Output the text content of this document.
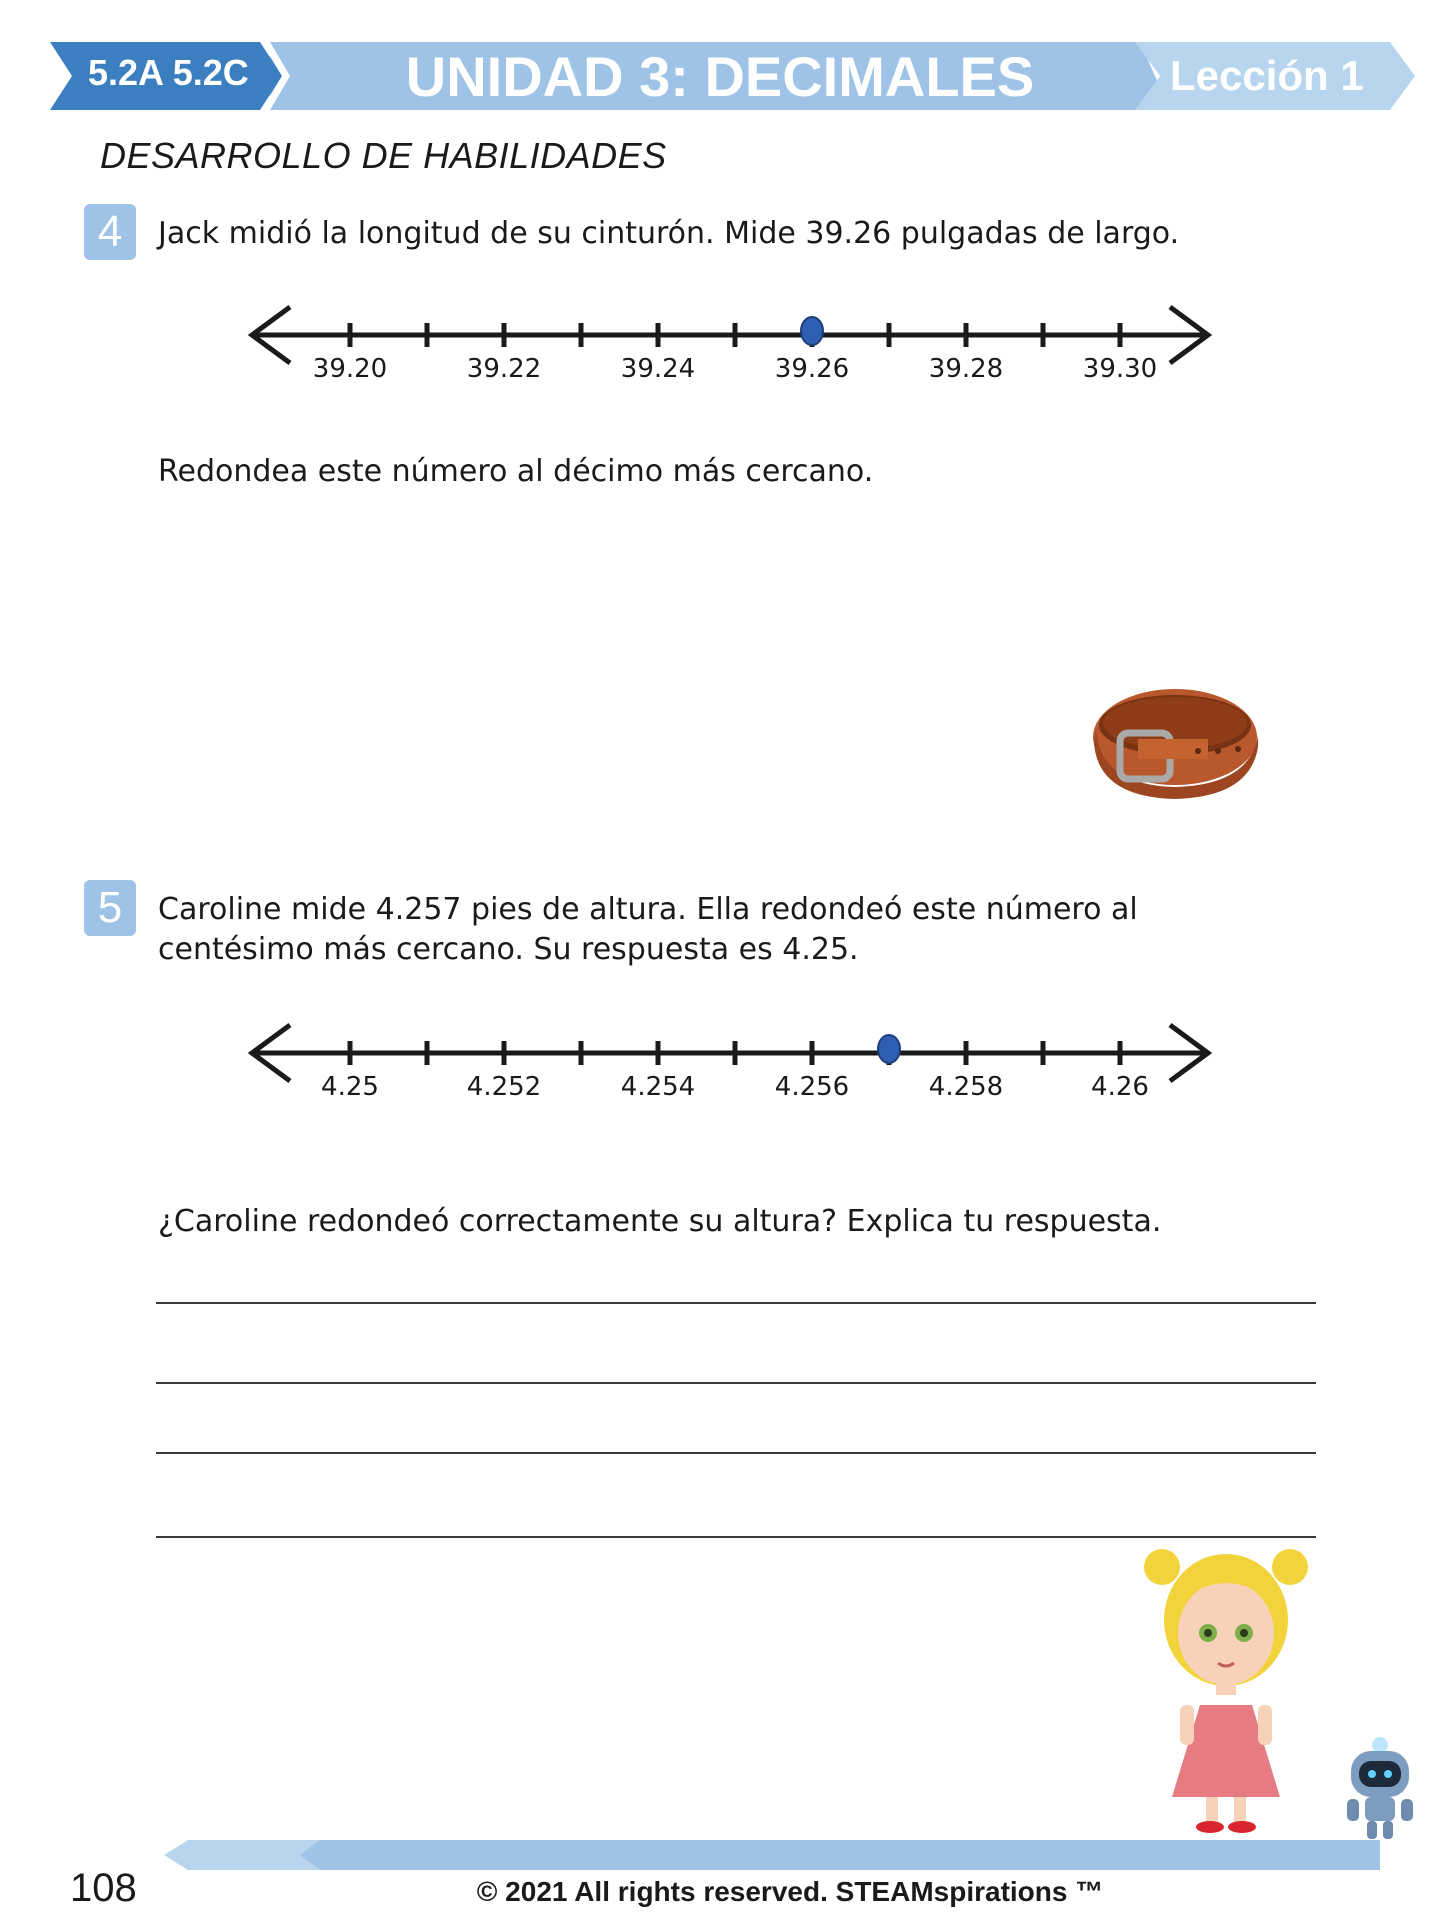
5.2A 5.2C	UNIDAD 3: DECIMALES	Lección 1
DESARROLLO DE HABILIDADES
4	Jack midió la longitud de su cinturón. Mide 39.26 pulgadas de largo.
39.20	39.22	39.24	39.26	39.28	39.30
Redondea este número al décimo más cercano.
5	Caroline mide 4.257 pies de altura. Ella redondeó este número al
centésimo más cercano. Su respuesta es 4.25.
4.25	4.252	4.254	4.256	4.258	4.26
¿Caroline redondeó correctamente su altura? Explica tu respuesta.
108	© 2021 All rights reserved. STEAMspirations ™
